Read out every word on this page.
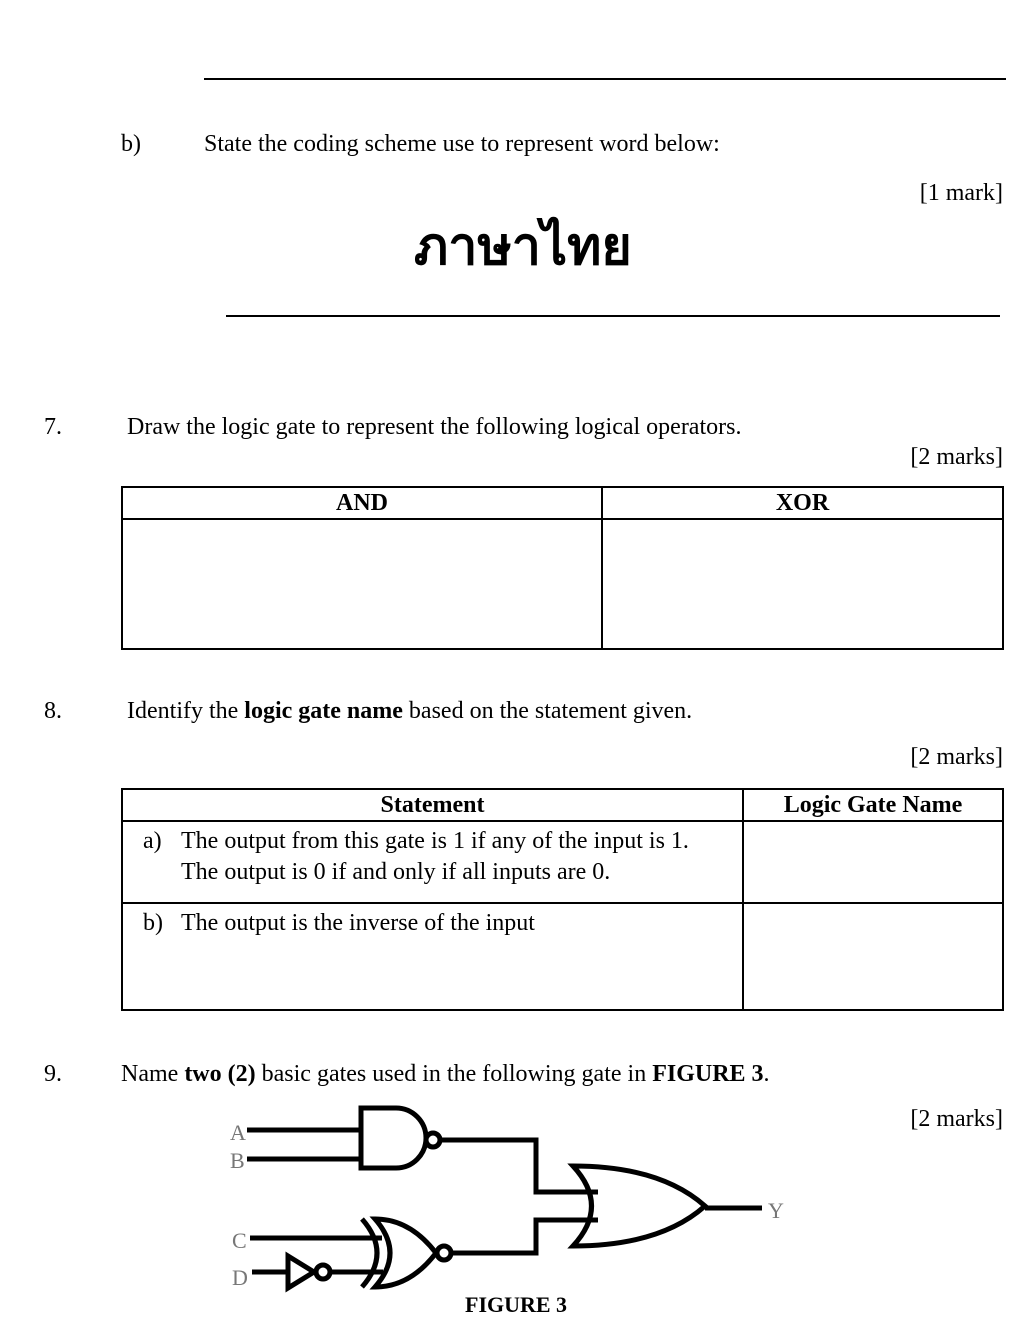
b)	State the coding scheme use to represent word below:
[1 mark]
ภาษาไทย
7.	Draw the logic gate to represent the following logical operators.
[2 marks]
AND	XOR

8.	Identify the logic gate name based on the statement given.
[2 marks]
Statement	Logic Gate Name

a) The output from this gate is 1 if any of the input is 1.
The output is 0 if and only if all inputs are 0.	

b) The output is the inverse of the input	

9. Name two (2) basic gates used in the following gate in FIGURE 3.
[2 marks]
A
B
C
D
Y
FIGURE 3
